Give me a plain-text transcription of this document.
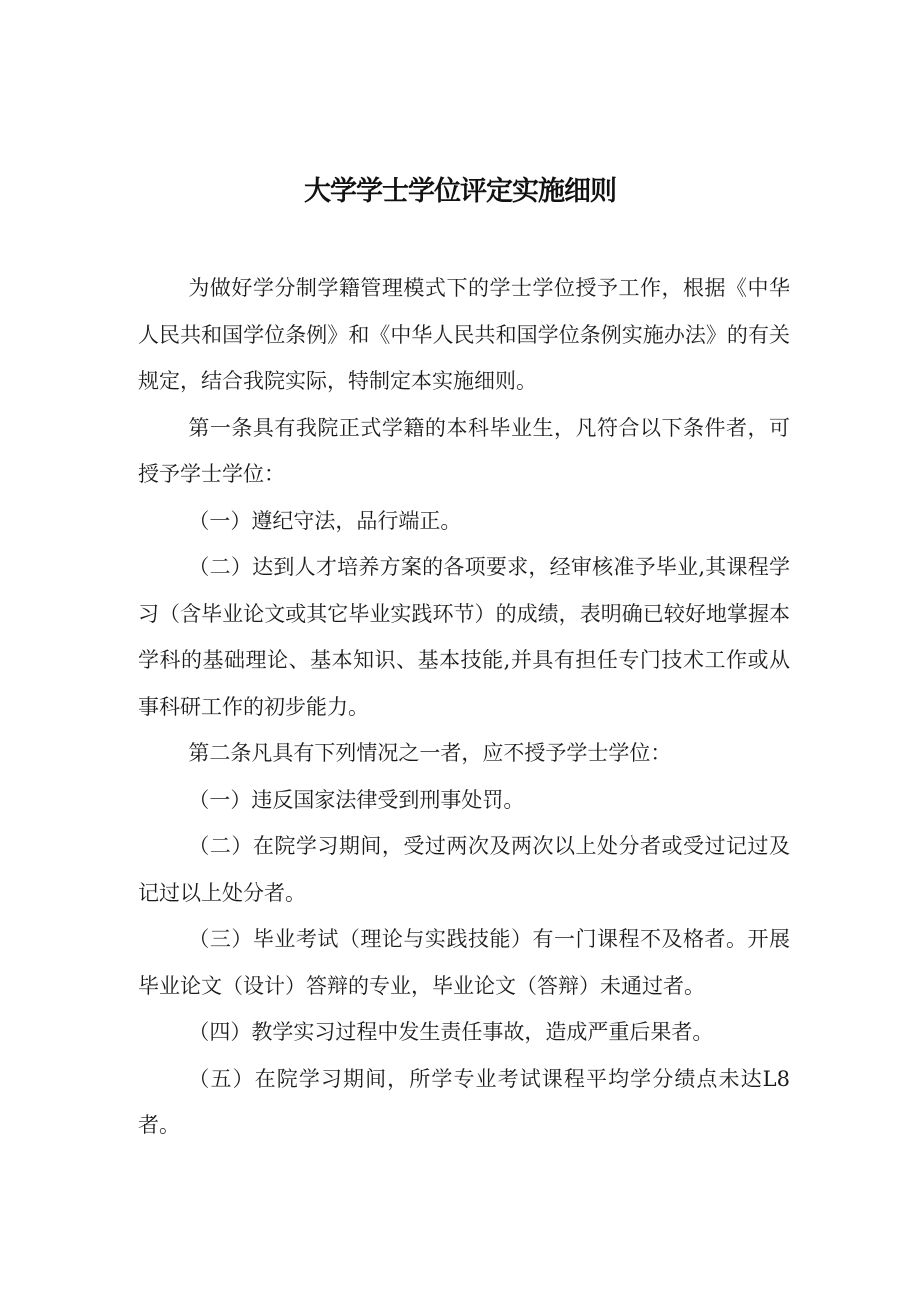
大学学士学位评定实施细则

为做好学分制学籍管理模式下的学士学位授予工作，根据《中华人民共和国学位条例》和《中华人民共和国学位条例实施办法》的有关规定，结合我院实际，特制定本实施细则。

第一条具有我院正式学籍的本科毕业生，凡符合以下条件者，可授予学士学位：

（一）遵纪守法，品行端正。

（二）达到人才培养方案的各项要求，经审核准予毕业,其课程学习（含毕业论文或其它毕业实践环节）的成绩，表明确已较好地掌握本学科的基础理论、基本知识、基本技能,并具有担任专门技术工作或从事科研工作的初步能力。

第二条凡具有下列情况之一者，应不授予学士学位：

（一）违反国家法律受到刑事处罚。

（二）在院学习期间，受过两次及两次以上处分者或受过记过及记过以上处分者。

（三）毕业考试（理论与实践技能）有一门课程不及格者。开展毕业论文（设计）答辩的专业，毕业论文（答辩）未通过者。

（四）教学实习过程中发生责任事故，造成严重后果者。

（五）在院学习期间，所学专业考试课程平均学分绩点未达L8者。
